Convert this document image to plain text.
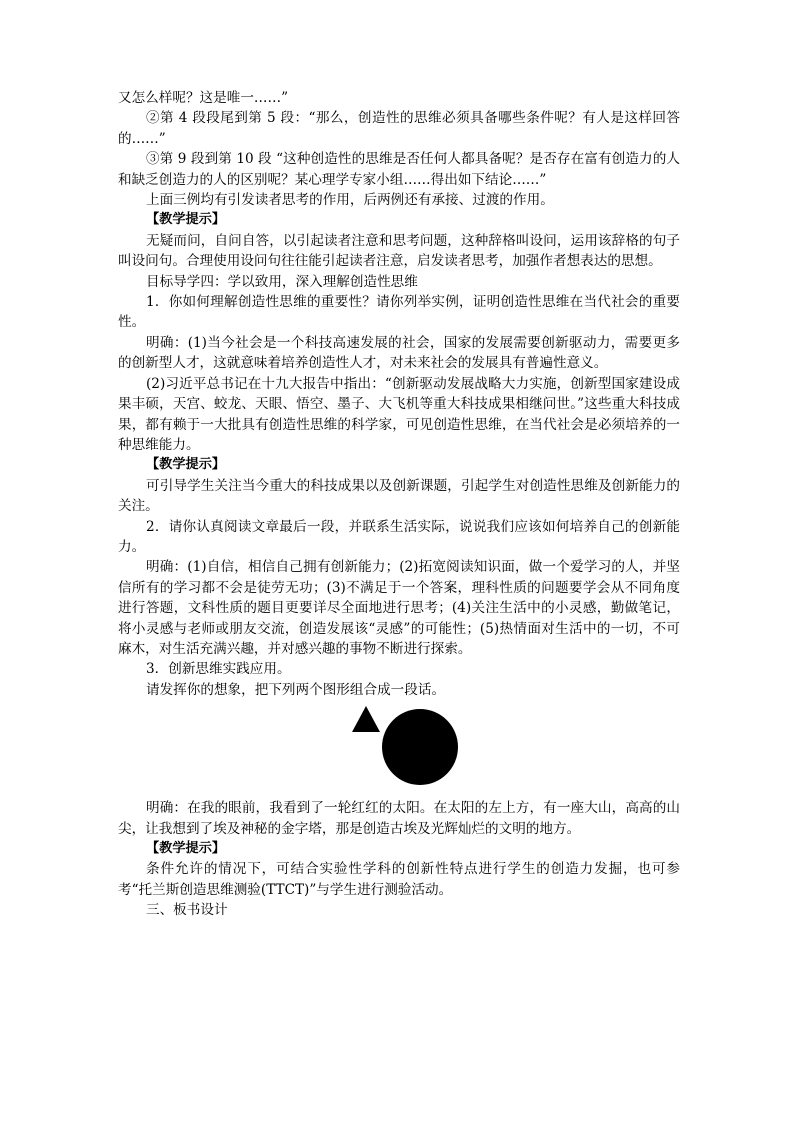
又怎么样呢？这是唯一……”

②第 4 段段尾到第 5 段：“那么，创造性的思维必须具备哪些条件呢？有人是这样回答的……”

③第 9 段到第 10 段 “这种创造性的思维是否任何人都具备呢？是否存在富有创造力的人和缺乏创造力的人的区别呢？某心理学专家小组……得出如下结论……”

上面三例均有引发读者思考的作用，后两例还有承接、过渡的作用。

【教学提示】

无疑而问，自问自答，以引起读者注意和思考问题，这种辞格叫设问，运用该辞格的句子叫设问句。合理使用设问句往往能引起读者注意，启发读者思考，加强作者想表达的思想。

目标导学四：学以致用，深入理解创造性思维

1．你如何理解创造性思维的重要性？请你列举实例，证明创造性思维在当代社会的重要性。

明确：(1)当今社会是一个科技高速发展的社会，国家的发展需要创新驱动力，需要更多的创新型人才，这就意味着培养创造性人才，对未来社会的发展具有普遍性意义。

(2)习近平总书记在十九大报告中指出：“创新驱动发展战略大力实施，创新型国家建设成果丰硕，天宫、蛟龙、天眼、悟空、墨子、大飞机等重大科技成果相继问世。”这些重大科技成果，都有赖于一大批具有创造性思维的科学家，可见创造性思维，在当代社会是必须培养的一种思维能力。

【教学提示】

可引导学生关注当今重大的科技成果以及创新课题，引起学生对创造性思维及创新能力的关注。

2．请你认真阅读文章最后一段，并联系生活实际，说说我们应该如何培养自己的创新能力。

明确：(1)自信，相信自己拥有创新能力；(2)拓宽阅读知识面，做一个爱学习的人，并坚信所有的学习都不会是徒劳无功；(3)不满足于一个答案，理科性质的问题要学会从不同角度进行答题，文科性质的题目更要详尽全面地进行思考；(4)关注生活中的小灵感，勤做笔记，将小灵感与老师或朋友交流，创造发展该“灵感”的可能性；(5)热情面对生活中的一切，不可麻木，对生活充满兴趣，并对感兴趣的事物不断进行探索。

3．创新思维实践应用。

请发挥你的想象，把下列两个图形组合成一段话。

明确：在我的眼前，我看到了一轮红红的太阳。在太阳的左上方，有一座大山，高高的山尖，让我想到了埃及神秘的金字塔，那是创造古埃及光辉灿烂的文明的地方。

【教学提示】

条件允许的情况下，可结合实验性学科的创新性特点进行学生的创造力发掘，也可参考“托兰斯创造思维测验(TTCT)”与学生进行测验活动。

三、板书设计
